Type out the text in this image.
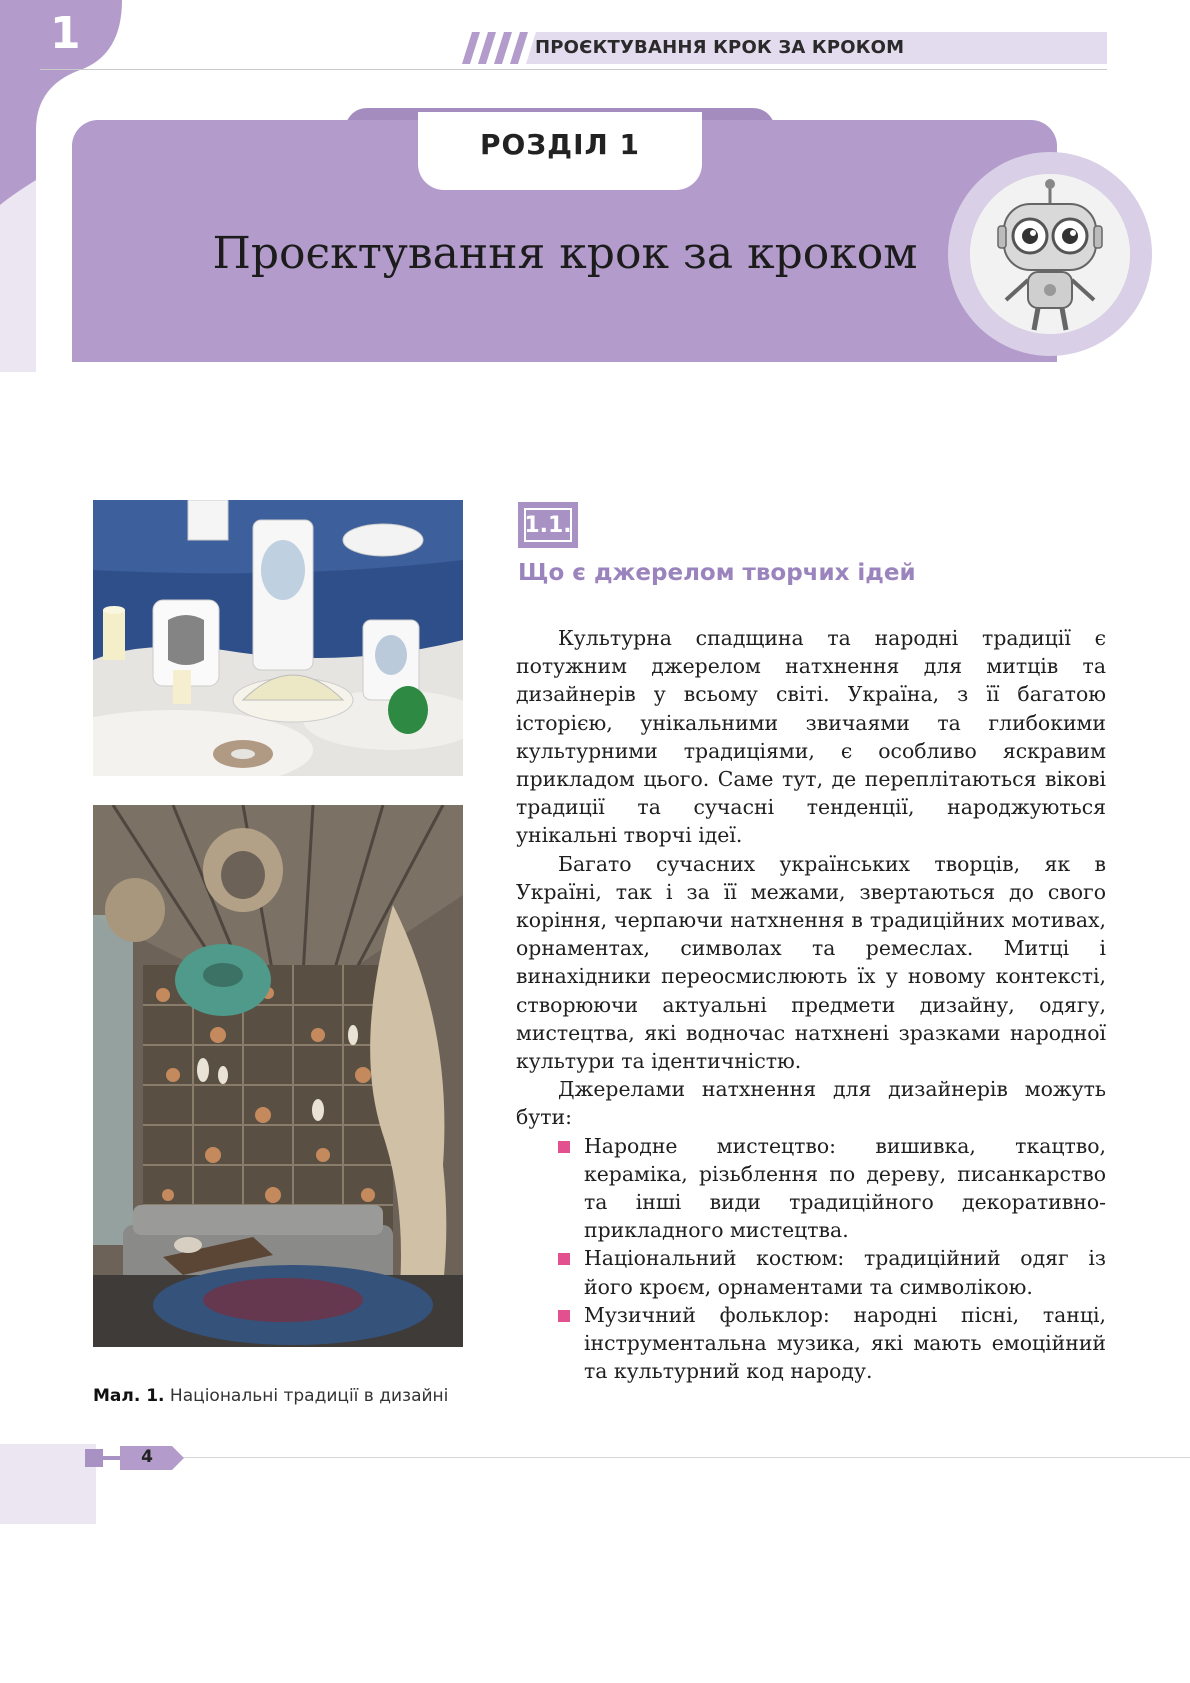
1	ПРОЄКТУВАННЯ КРОК ЗА КРОКОМ
РОЗДІЛ 1
Проєктування крок за кроком
Мал. 1. Національні традиції в дизайні
1.1.
Що є джерелом творчих ідей

Культурна спадщина та народні традиції є потужним джерелом натхнення для митців та дизайнерів у всьому світі. Україна, з її багатою історією, унікальними звичаями та глибокими культурними традиціями, є особливо яскравим прикладом цього. Саме тут, де переплітаються вікові традиції та сучасні тенденції, народжуються унікальні творчі ідеї.

Багато сучасних українських творців, як в Україні, так і за її межами, звертаються до свого коріння, черпаючи натхнення в традиційних мотивах, орнаментах, символах та ремеслах. Митці і винахідники переосмислюють їх у новому контексті, створюючи актуальні предмети дизайну, одягу, мистецтва, які водночас натхнені зразками народної культури та ідентичністю.

Джерелами натхнення для дизайнерів можуть бути:

Народне мистецтво: вишивка, ткацтво, кераміка, різьблення по дереву, писанкарство та інші види традиційного декоративно-прикладного мистецтва.
Національний костюм: традиційний одяг із його кроєм, орнаментами та символікою.
Музичний фольклор: народні пісні, танці, інструментальна музика, які мають емоційний та культурний код народу.
4
